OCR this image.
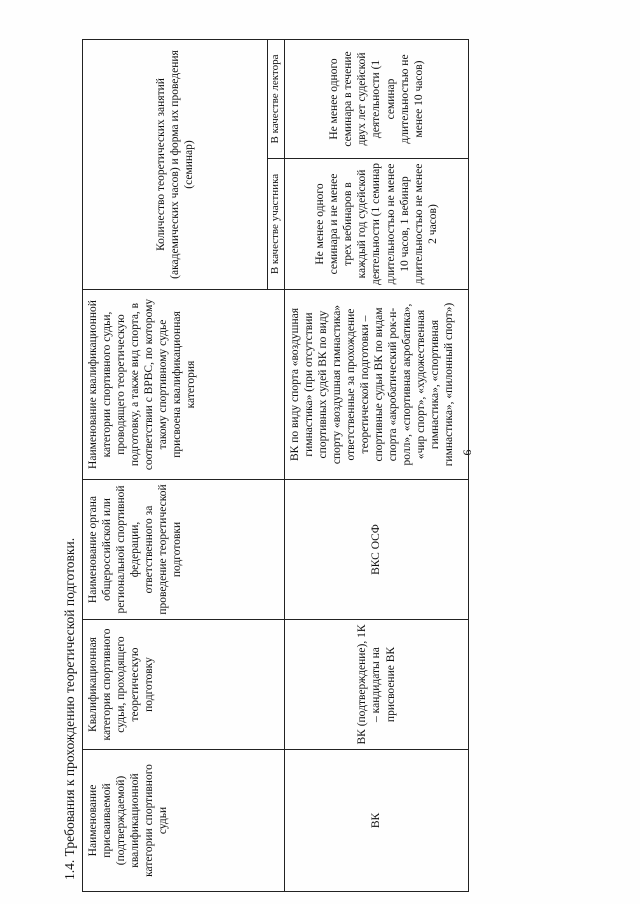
9
1.4. Требования к прохождению теоретической подготовки. Наименование присваиваемой (подтверждаемой) квалификационной категории спортивного судьи	Квалификационная категория спортивного судьи, проходящего теоретическую подготовку	Наименование органа общероссийской или региональной спортивной федерации, ответственного за проведение теоретической подготовки	Наименование квалификационной категории спортивного судьи, проводящего теоретическую подготовку, а также вид спорта, в соответствии с ВРВС, по которому такому спортивному судье присвоена квалификационная категория	Количество теоретических занятий (академических часов) и форма их проведения (семинар)	
				В качестве участника	В качестве лектора
ВК	ВК (подтверждение), 1К – кандидаты на присвоение ВК	ВКС ОСФ	ВК по виду спорта «воздушная гимнастика» (при отсутствии спортивных судей ВК по виду спорту «воздушная гимнастика» ответственные за прохождение теоретической подготовки – спортивные судьи ВК по видам спорта «акробатический рок-н-ролл», «спортивная акробатика», «чир спорт», «художественная гимнастика», «спортивная гимнастика», «пилонный спорт»)	Не менее одного семинара и не менее трех вебинаров в каждый год судейской деятельности (1 семинар длительностью не менее 10 часов, 1 вебинар длительностью не менее 2 часов)	Не менее одного семинара в течение двух лет судейской деятельности (1 семинар длительностью не менее 10 часов)
